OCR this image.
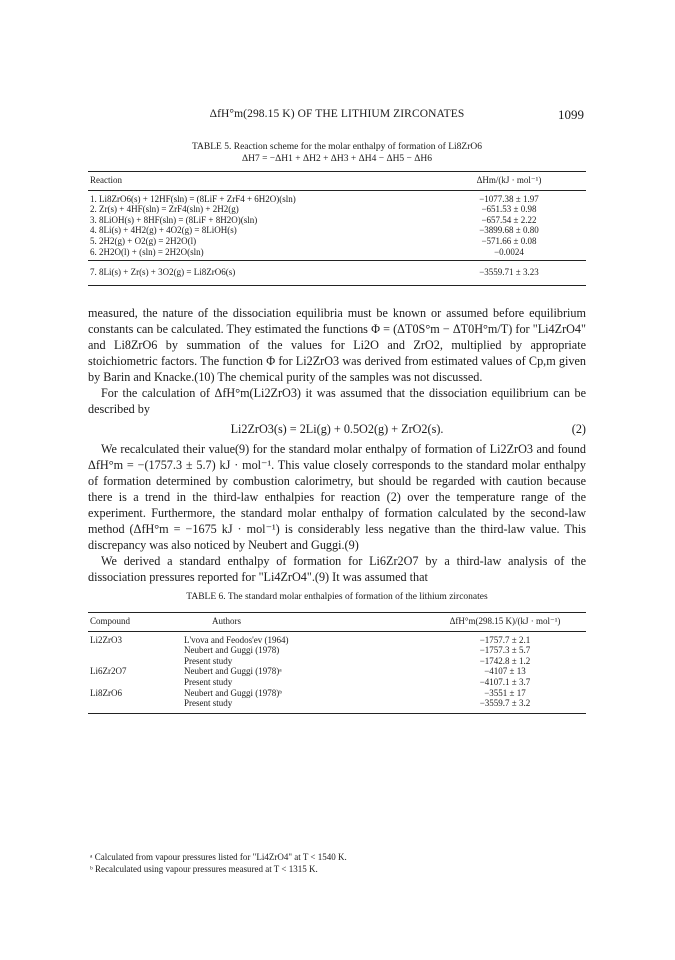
ΔfH°m(298.15 K) OF THE LITHIUM ZIRCONATES	1099
TABLE 5. Reaction scheme for the molar enthalpy of formation of Li8ZrO6
ΔH7 = −ΔH1 + ΔH2 + ΔH3 + ΔH4 − ΔH5 − ΔH6
Reaction	ΔHm/(kJ · mol⁻¹)
1. Li8ZrO6(s) + 12HF(sln) = (8LiF + ZrF4 + 6H2O)(sln)	−1077.38 ± 1.97
2. Zr(s) + 4HF(sln) = ZrF4(sln) + 2H2(g)	−651.53 ± 0.98
3. 8LiOH(s) + 8HF(sln) = (8LiF + 8H2O)(sln)	−657.54 ± 2.22
4. 8Li(s) + 4H2(g) + 4O2(g) = 8LiOH(s)	−3899.68 ± 0.80
5. 2H2(g) + O2(g) = 2H2O(l)	−571.66 ± 0.08
6. 2H2O(l) + (sln) = 2H2O(sln)	−0.0024
7. 8Li(s) + Zr(s) + 3O2(g) = Li8ZrO6(s)	−3559.71 ± 3.23

measured, the nature of the dissociation equilibria must be known or assumed before equilibrium constants can be calculated. They estimated the functions Φ = (ΔT0S°m − ΔT0H°m/T) for "Li4ZrO4" and Li8ZrO6 by summation of the values for Li2O and ZrO2, multiplied by appropriate stoichiometric factors. The function Φ for Li2ZrO3 was derived from estimated values of Cp,m given by Barin and Knacke.(10) The chemical purity of the samples was not discussed.

For the calculation of ΔfH°m(Li2ZrO3) it was assumed that the dissociation equilibrium can be described by

Li2ZrO3(s) = 2Li(g) + 0.5O2(g) + ZrO2(s).	(2)

We recalculated their value(9) for the standard molar enthalpy of formation of Li2ZrO3 and found ΔfH°m = −(1757.3 ± 5.7) kJ · mol⁻¹. This value closely corresponds to the standard molar enthalpy of formation determined by combustion calorimetry, but should be regarded with caution because there is a trend in the third-law enthalpies for reaction (2) over the temperature range of the experiment. Furthermore, the standard molar enthalpy of formation calculated by the second-law method (ΔfH°m = −1675 kJ · mol⁻¹) is considerably less negative than the third-law value. This discrepancy was also noticed by Neubert and Guggi.(9)

We derived a standard enthalpy of formation for Li6Zr2O7 by a third-law analysis of the dissociation pressures reported for "Li4ZrO4".(9) It was assumed that

TABLE 6. The standard molar enthalpies of formation of the lithium zirconates
Compound	Authors	ΔfH°m(298.15 K)/(kJ · mol⁻¹)
Li2ZrO3	L'vova and Feodos'ev (1964)	−1757.7 ± 2.1
	Neubert and Guggi (1978)	−1757.3 ± 5.7
	Present study	−1742.8 ± 1.2
Li6Zr2O7	Neubert and Guggi (1978)ᵃ	−4107 ± 13
	Present study	−4107.1 ± 3.7
Li8ZrO6	Neubert and Guggi (1978)ᵇ	−3551 ± 17
	Present study	−3559.7 ± 3.2
ᵃ Calculated from vapour pressures listed for "Li4ZrO4" at T < 1540 K.
ᵇ Recalculated using vapour pressures measured at T < 1315 K.
